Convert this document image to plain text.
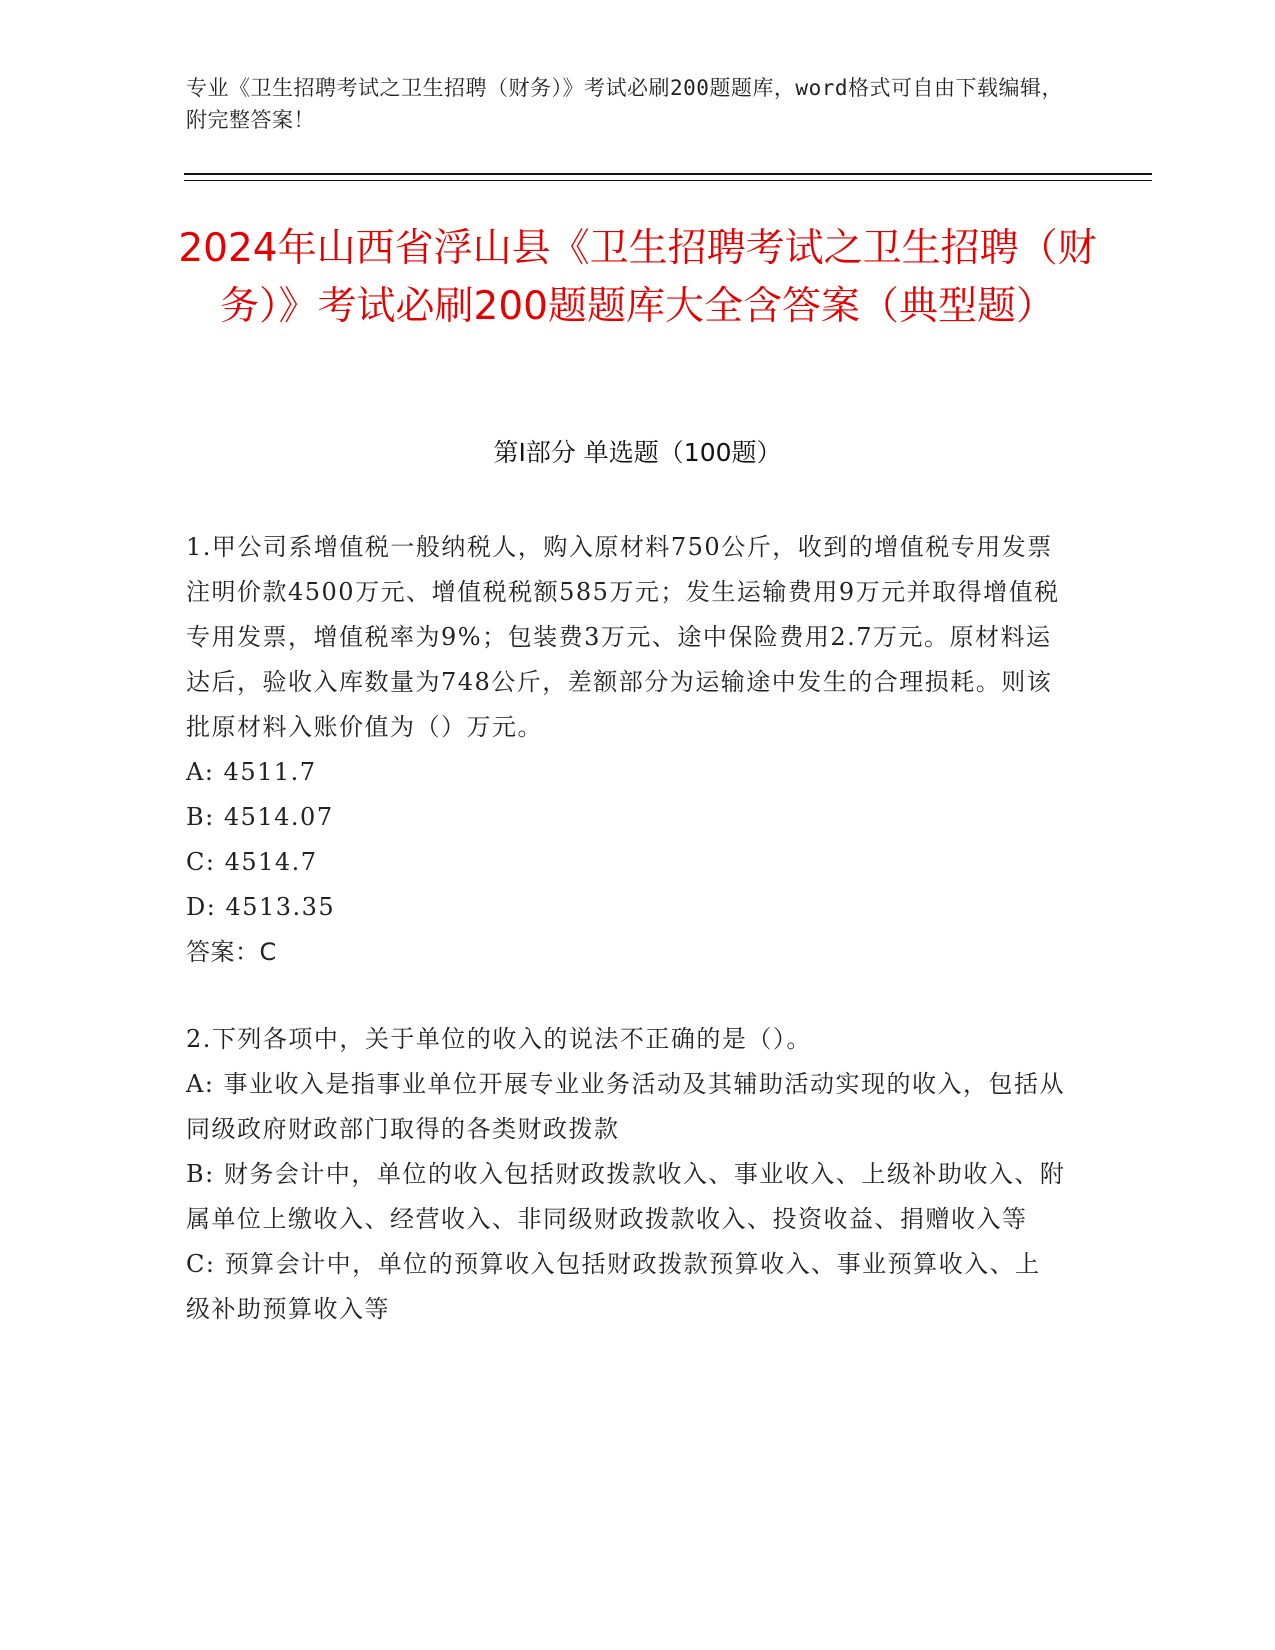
专业《卫生招聘考试之卫生招聘（财务）》考试必刷200题题库，word格式可自由下载编辑，附完整答案！
2024年山西省浮山县《卫生招聘考试之卫生招聘（财务）》考试必刷200题题库大全含答案（典型题）
第Ⅰ部分 单选题（100题）

1.甲公司系增值税一般纳税人，购入原材料750公斤，收到的增值税专用发票注明价款4500万元、增值税税额585万元；发生运输费用9万元并取得增值税专用发票，增值税率为9%；包装费3万元、途中保险费用2.7万元。原材料运达后，验收入库数量为748公斤，差额部分为运输途中发生的合理损耗。则该批原材料入账价值为（）万元。

A: 4511.7

B: 4514.07

C: 4514.7

D: 4513.35

答案：C

2.下列各项中，关于单位的收入的说法不正确的是（）。

A: 事业收入是指事业单位开展专业业务活动及其辅助活动实现的收入，包括从同级政府财政部门取得的各类财政拨款

B: 财务会计中，单位的收入包括财政拨款收入、事业收入、上级补助收入、附属单位上缴收入、经营收入、非同级财政拨款收入、投资收益、捐赠收入等

C: 预算会计中，单位的预算收入包括财政拨款预算收入、事业预算收入、上级补助预算收入等
